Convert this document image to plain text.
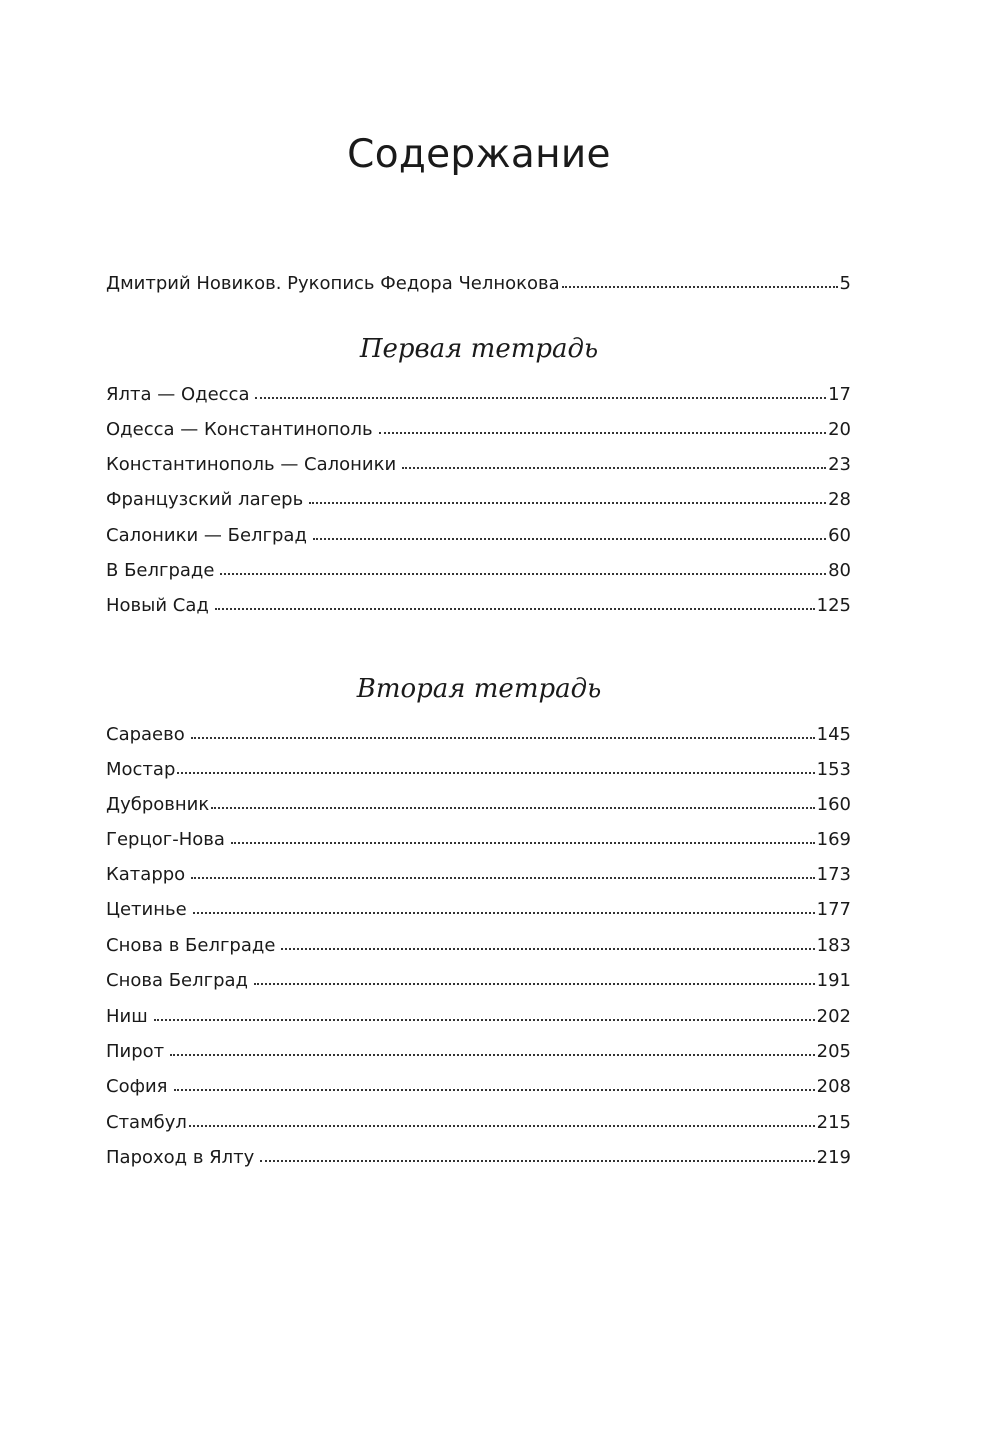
Содержание
Дмитрий Новиков. Рукопись Федора Челнокова	5
Первая тетрадь
Ялта — Одесса	17
Одесса — Константинополь	20
Константинополь — Салоники	23
Французский лагерь	28
Салоники — Белград	60
В Белграде	80
Новый Сад	125
Вторая тетрадь
Сараево	145
Мостар	153
Дубровник	160
Герцог-Нова	169
Катарро	173
Цетинье	177
Снова в Белграде	183
Снова Белград	191
Ниш	202
Пирот	205
София	208
Стамбул	215
Пароход в Ялту	219
